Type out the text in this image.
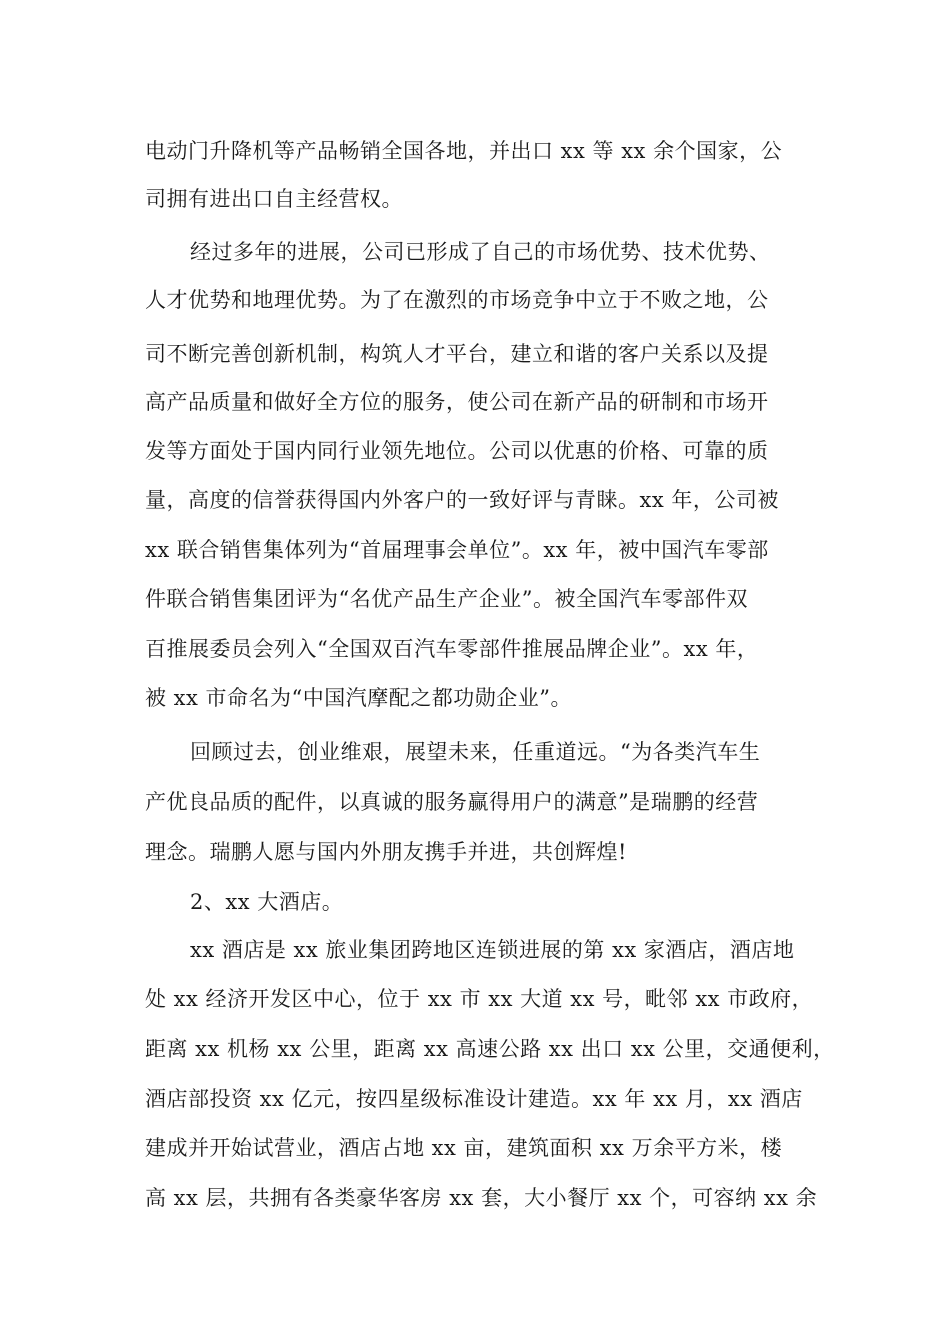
电动门升降机等产品畅销全国各地，并出口 xx 等 xx 余个国家，公
司拥有进出口自主经营权。
经过多年的进展，公司已形成了自己的市场优势、技术优势、
人才优势和地理优势。为了在激烈的市场竞争中立于不败之地，公
司不断完善创新机制，构筑人才平台，建立和谐的客户关系以及提
高产品质量和做好全方位的服务，使公司在新产品的研制和市场开
发等方面处于国内同行业领先地位。公司以优惠的价格、可靠的质
量，高度的信誉获得国内外客户的一致好评与青睐。xx 年，公司被
xx 联合销售集体列为“首届理事会单位”。xx 年，被中国汽车零部
件联合销售集团评为“名优产品生产企业”。被全国汽车零部件双
百推展委员会列入“全国双百汽车零部件推展品牌企业”。xx 年，
被 xx 市命名为“中国汽摩配之都功勋企业”。
回顾过去，创业维艰，展望未来，任重道远。“为各类汽车生
产优良品质的配件，以真诚的服务赢得用户的满意”是瑞鹏的经营
理念。瑞鹏人愿与国内外朋友携手并进，共创辉煌!
2、xx 大酒店。
xx 酒店是 xx 旅业集团跨地区连锁进展的第 xx 家酒店，酒店地
处 xx 经济开发区中心，位于 xx 市 xx 大道 xx 号，毗邻 xx 市政府，
距离 xx 机杨 xx 公里，距离 xx 高速公路 xx 出口 xx 公里，交通便利，
酒店部投资 xx 亿元，按四星级标准设计建造。xx 年 xx 月，xx 酒店
建成并开始试营业，酒店占地 xx 亩，建筑面积 xx 万余平方米，楼
高 xx 层，共拥有各类豪华客房 xx 套，大小餐厅 xx 个，可容纳 xx 余
